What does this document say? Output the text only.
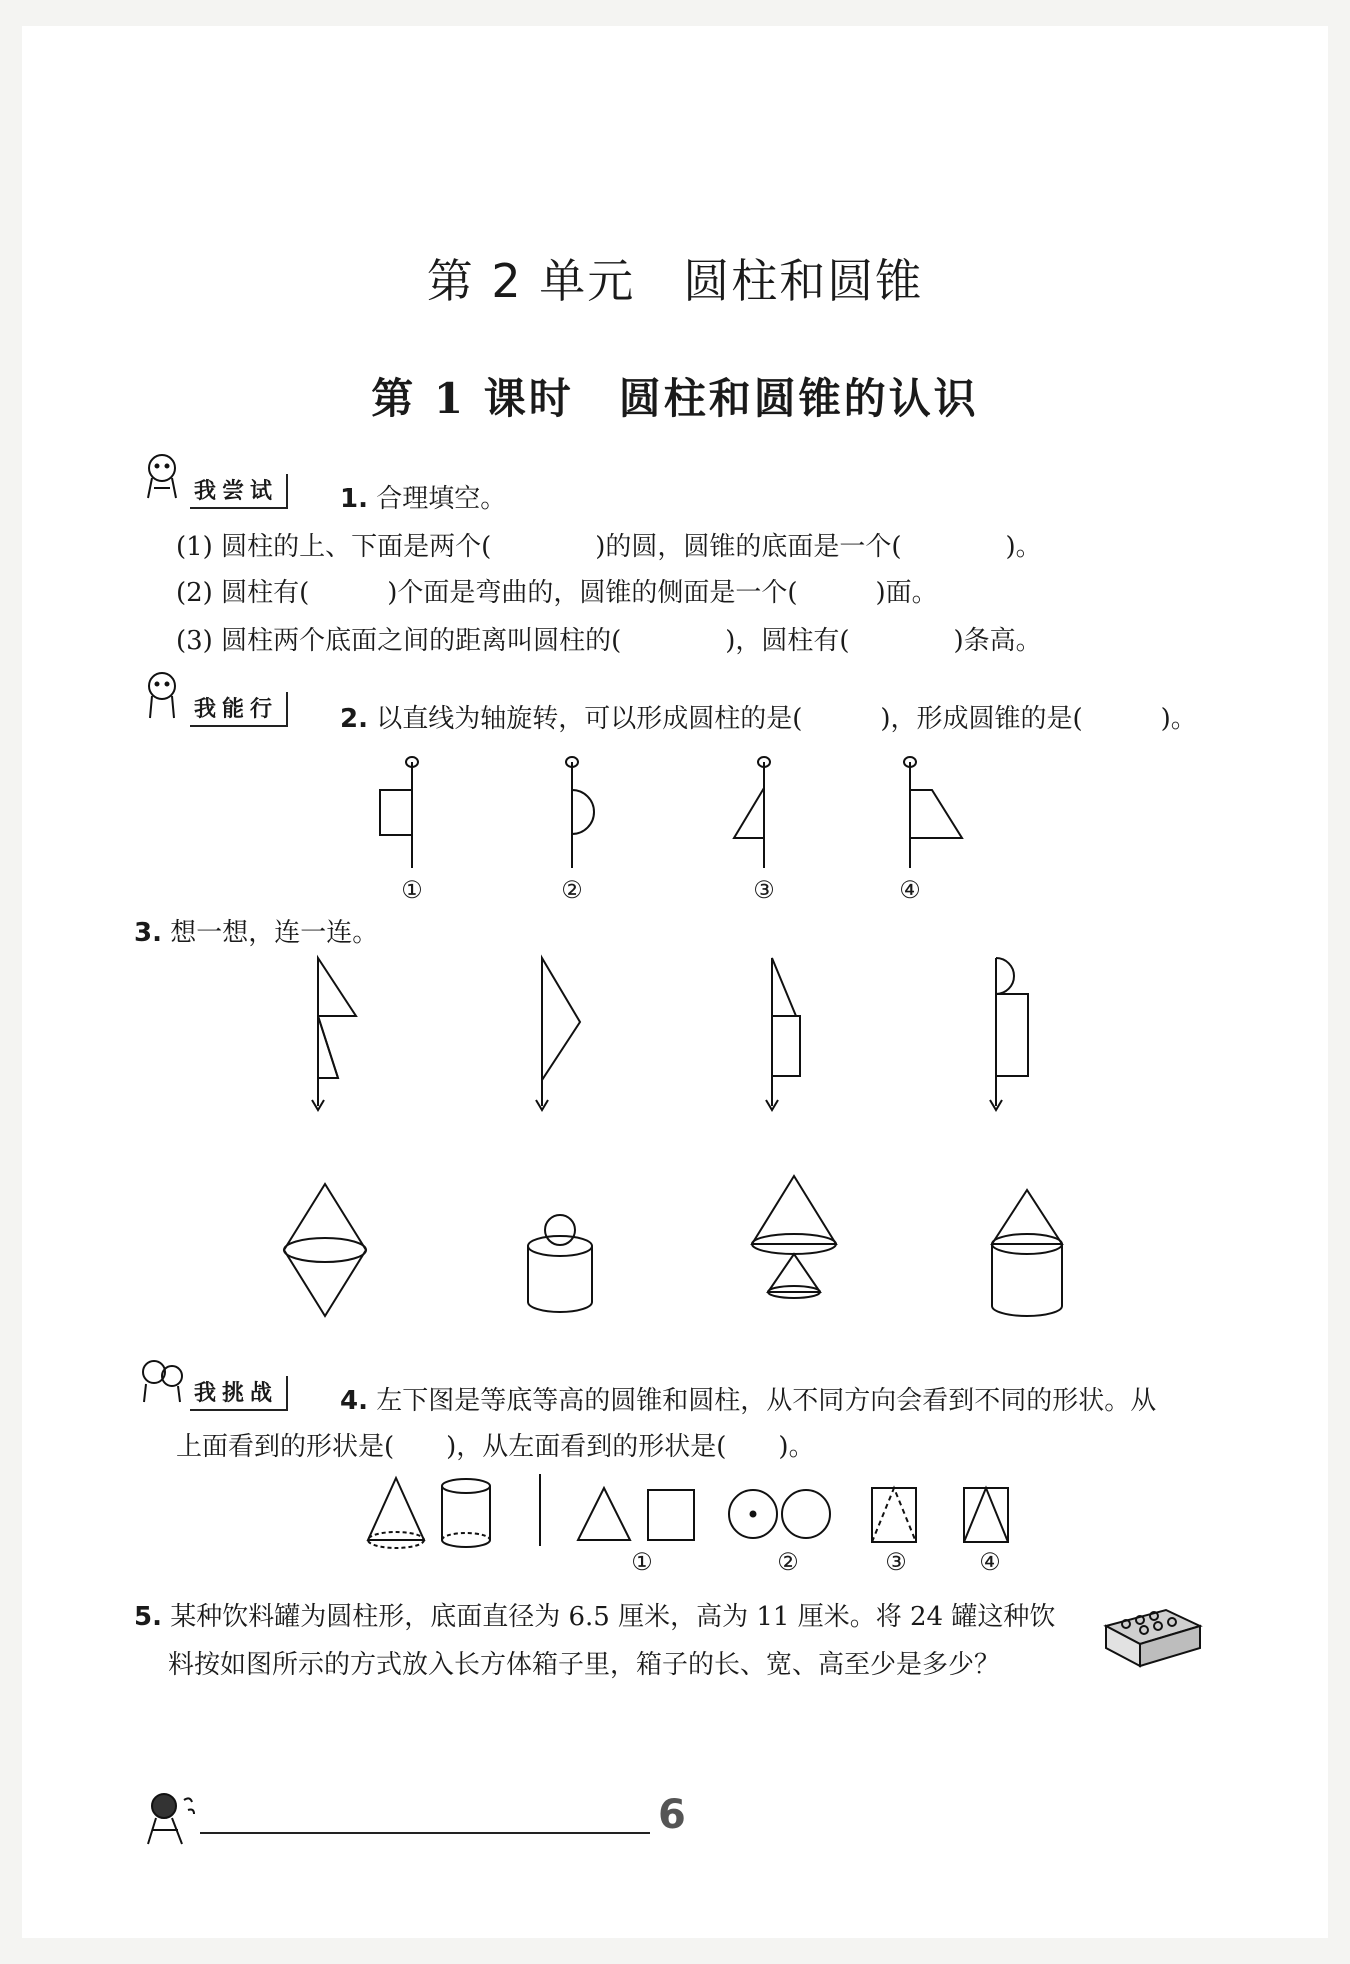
第 2 单元　圆柱和圆锥
第 1 课时　圆柱和圆锥的认识
我尝试	1. 合理填空。
(1) 圆柱的上、下面是两个(　　　　)的圆，圆锥的底面是一个(　　　　)。
(2) 圆柱有(　　　)个面是弯曲的，圆锥的侧面是一个(　　　)面。
(3) 圆柱两个底面之间的距离叫圆柱的(　　　　)，圆柱有(　　　　)条高。
我能行	2. 以直线为轴旋转，可以形成圆柱的是(　　　)，形成圆锥的是(　　　)。
①	②	③	④
3. 想一想，连一连。
我挑战	4. 左下图是等底等高的圆锥和圆柱，从不同方向会看到不同的形状。从
上面看到的形状是(　　)，从左面看到的形状是(　　)。
①	②	③	④
5. 某种饮料罐为圆柱形，底面直径为 6.5 厘米，高为 11 厘米。将 24 罐这种饮
料按如图所示的方式放入长方体箱子里，箱子的长、宽、高至少是多少？
6
